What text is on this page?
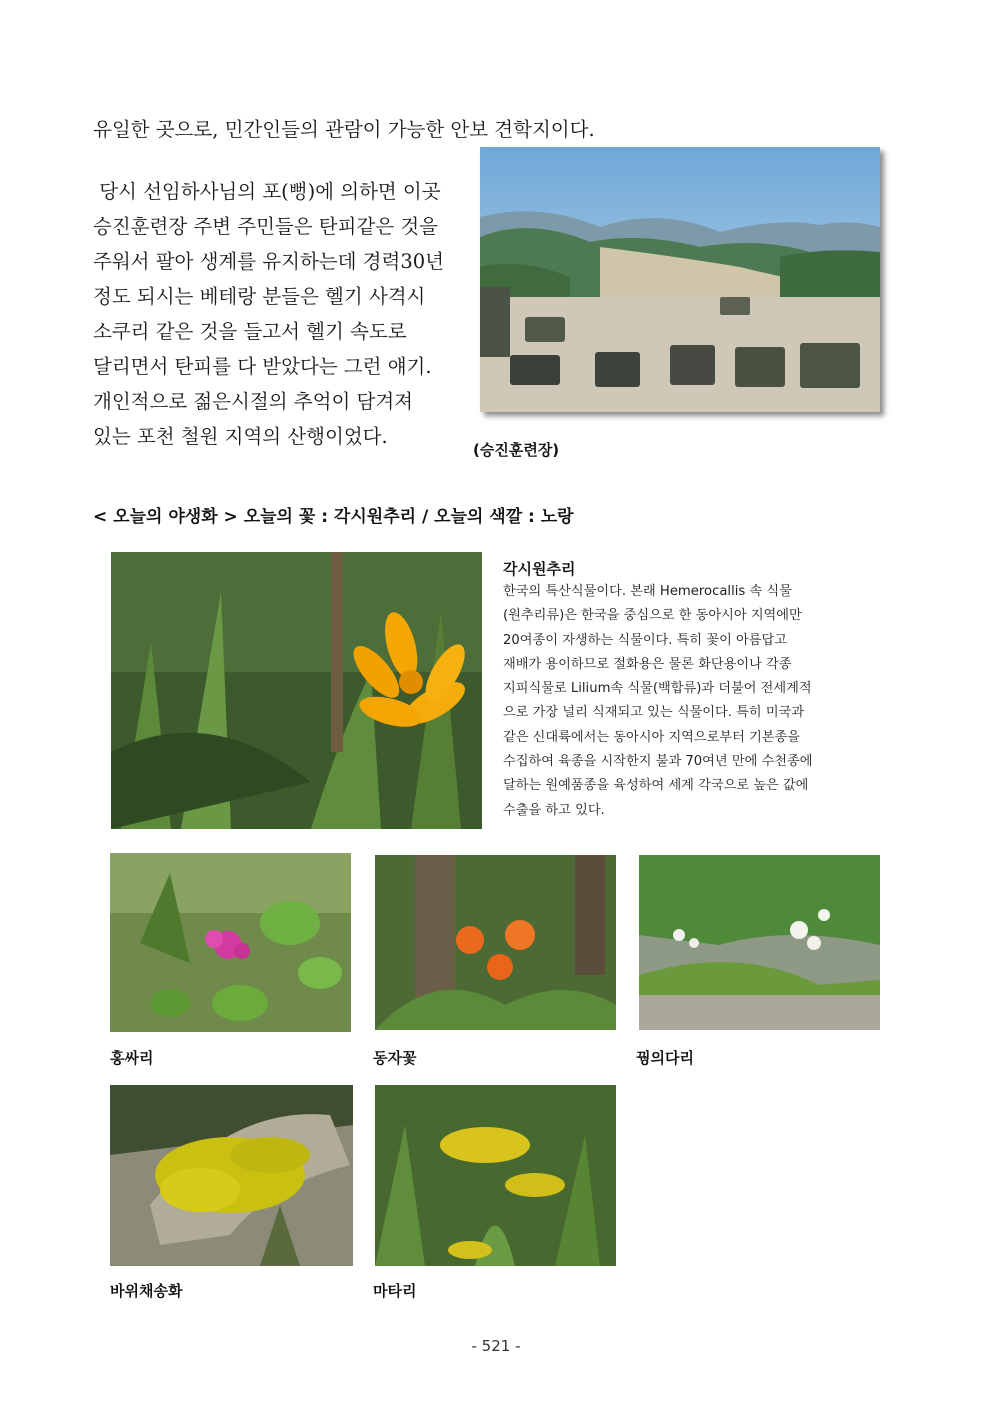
유일한 곳으로, 민간인들의 관람이 가능한 안보 견학지이다.
당시 선임하사님의 포(뻥)에 의하면 이곳
승진훈련장 주변 주민들은 탄피같은 것을
주워서 팔아 생계를 유지하는데 경력30년
정도 되시는 베테랑 분들은 헬기 사격시
소쿠리 같은 것을 들고서 헬기 속도로
달리면서 탄피를 다 받았다는 그런 얘기.
개인적으로 젊은시절의 추억이 담겨져
있는 포천 철원 지역의 산행이었다.
(승진훈련장)
< 오늘의 야생화 > 오늘의 꽃 : 각시원추리 / 오늘의 색깔 : 노랑
각시원추리
한국의 특산식물이다. 본래 Hemerocallis 속 식물
(원추리류)은 한국을 중심으로 한 동아시아 지역에만
20여종이 자생하는 식물이다. 특히 꽃이 아름답고
재배가 용이하므로 절화용은 물론 화단용이나 각종
지피식물로 Lilium속 식물(백합류)과 더불어 전세계적
으로 가장 널리 식재되고 있는 식물이다. 특히 미국과
같은 신대륙에서는 동아시아 지역으로부터 기본종을
수집하여 육종을 시작한지 불과 70여년 만에 수천종에
달하는 원예품종을 육성하여 세계 각국으로 높은 값에
수출을 하고 있다.
홍싸리	동자꽃	꿩의다리
바위채송화	마타리
- 521 -
